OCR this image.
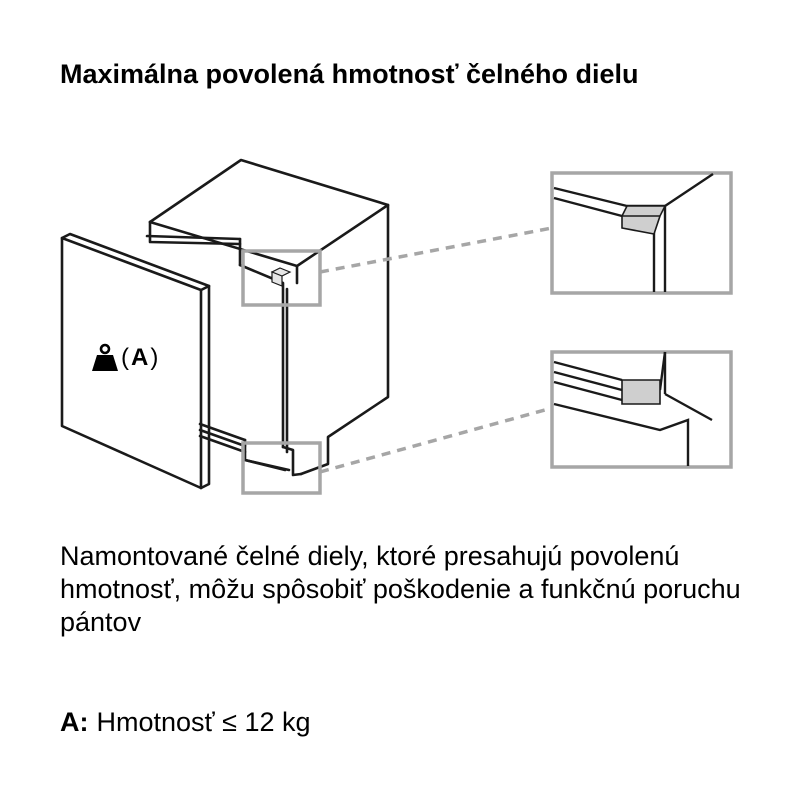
Maximálna povolená hmotnosť čelného dielu
( A )

Namontované čelné diely, ktoré presahujú povolenú hmotnosť, môžu spôsobiť poškodenie a funkčnú poruchu pántov

A: Hmotnosť ≤ 12 kg
